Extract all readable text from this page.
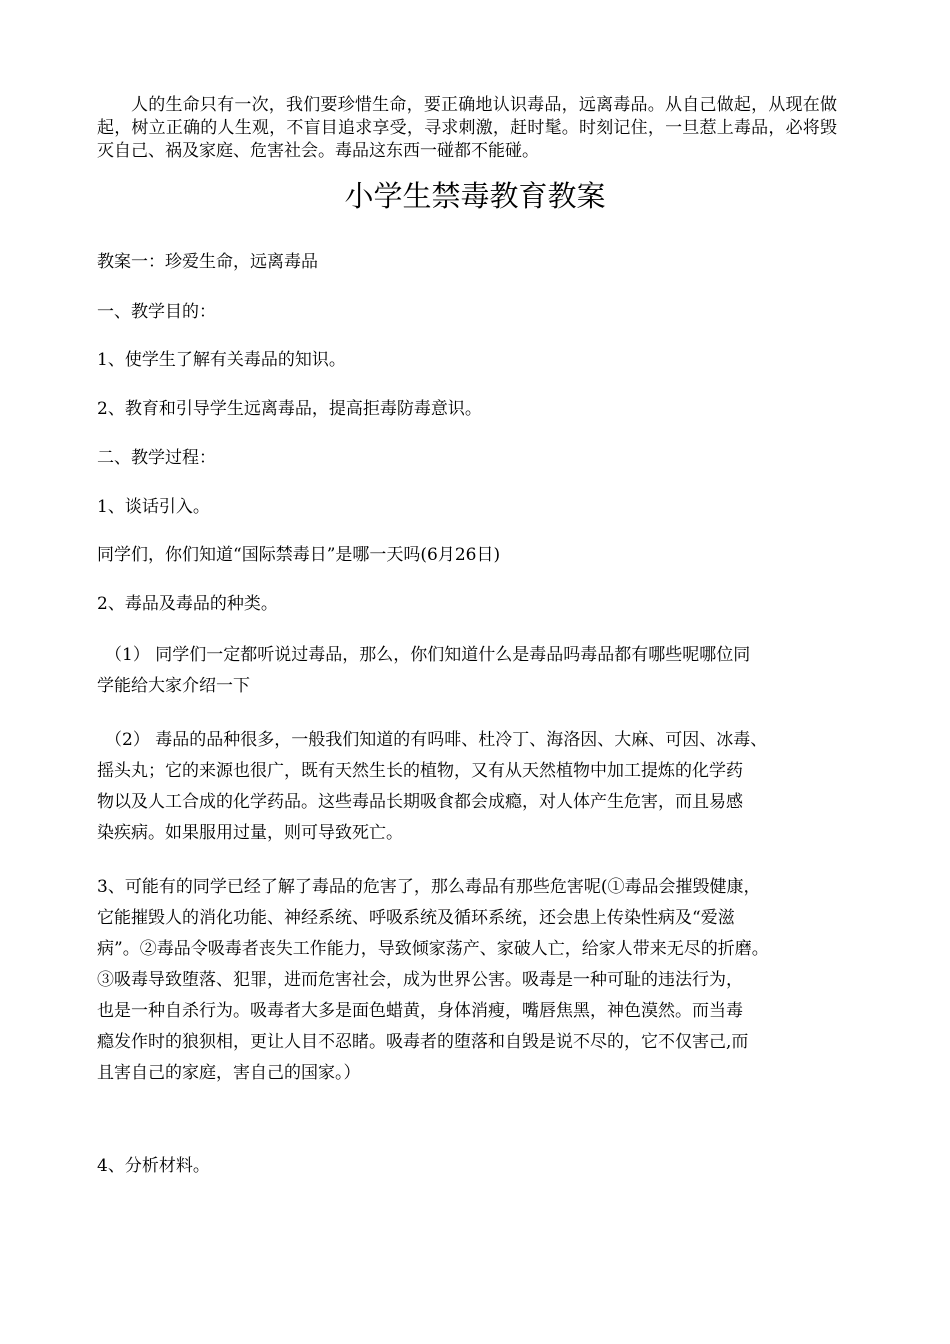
人的生命只有一次，我们要珍惜生命，要正确地认识毒品，远离毒品。从自己做起，从现在做起，树立正确的人生观，不盲目追求享受，寻求刺激，赶时髦。时刻记住，一旦惹上毒品，必将毁灭自己、祸及家庭、危害社会。毒品这东西一碰都不能碰。

小学生禁毒教育教案

教案一：珍爱生命，远离毒品

一、教学目的：

1、使学生了解有关毒品的知识。

2、教育和引导学生远离毒品，提高拒毒防毒意识。

二、教学过程：

1、谈话引入。

同学们，你们知道“国际禁毒日”是哪一天吗(6月26日)

2、毒品及毒品的种类。

（1） 同学们一定都听说过毒品，那么，你们知道什么是毒品吗毒品都有哪些呢哪位同
学能给大家介绍一下
（2） 毒品的品种很多，一般我们知道的有吗啡、杜冷丁、海洛因、大麻、可因、冰毒、
摇头丸；它的来源也很广，既有天然生长的植物，又有从天然植物中加工提炼的化学药
物以及人工合成的化学药品。这些毒品长期吸食都会成瘾，对人体产生危害，而且易感
染疾病。如果服用过量，则可导致死亡。
3、可能有的同学已经了解了毒品的危害了，那么毒品有那些危害呢(①毒品会摧毁健康，
它能摧毁人的消化功能、神经系统、呼吸系统及循环系统，还会患上传染性病及“爱滋
病”。②毒品令吸毒者丧失工作能力，导致倾家荡产、家破人亡，给家人带来无尽的折磨。
③吸毒导致堕落、犯罪，进而危害社会，成为世界公害。吸毒是一种可耻的违法行为，
也是一种自杀行为。吸毒者大多是面色蜡黄，身体消瘦，嘴唇焦黑，神色漠然。而当毒
瘾发作时的狼狈相，更让人目不忍睹。吸毒者的堕落和自毁是说不尽的，它不仅害己,而
且害自己的家庭，害自己的国家。）

4、分析材料。
